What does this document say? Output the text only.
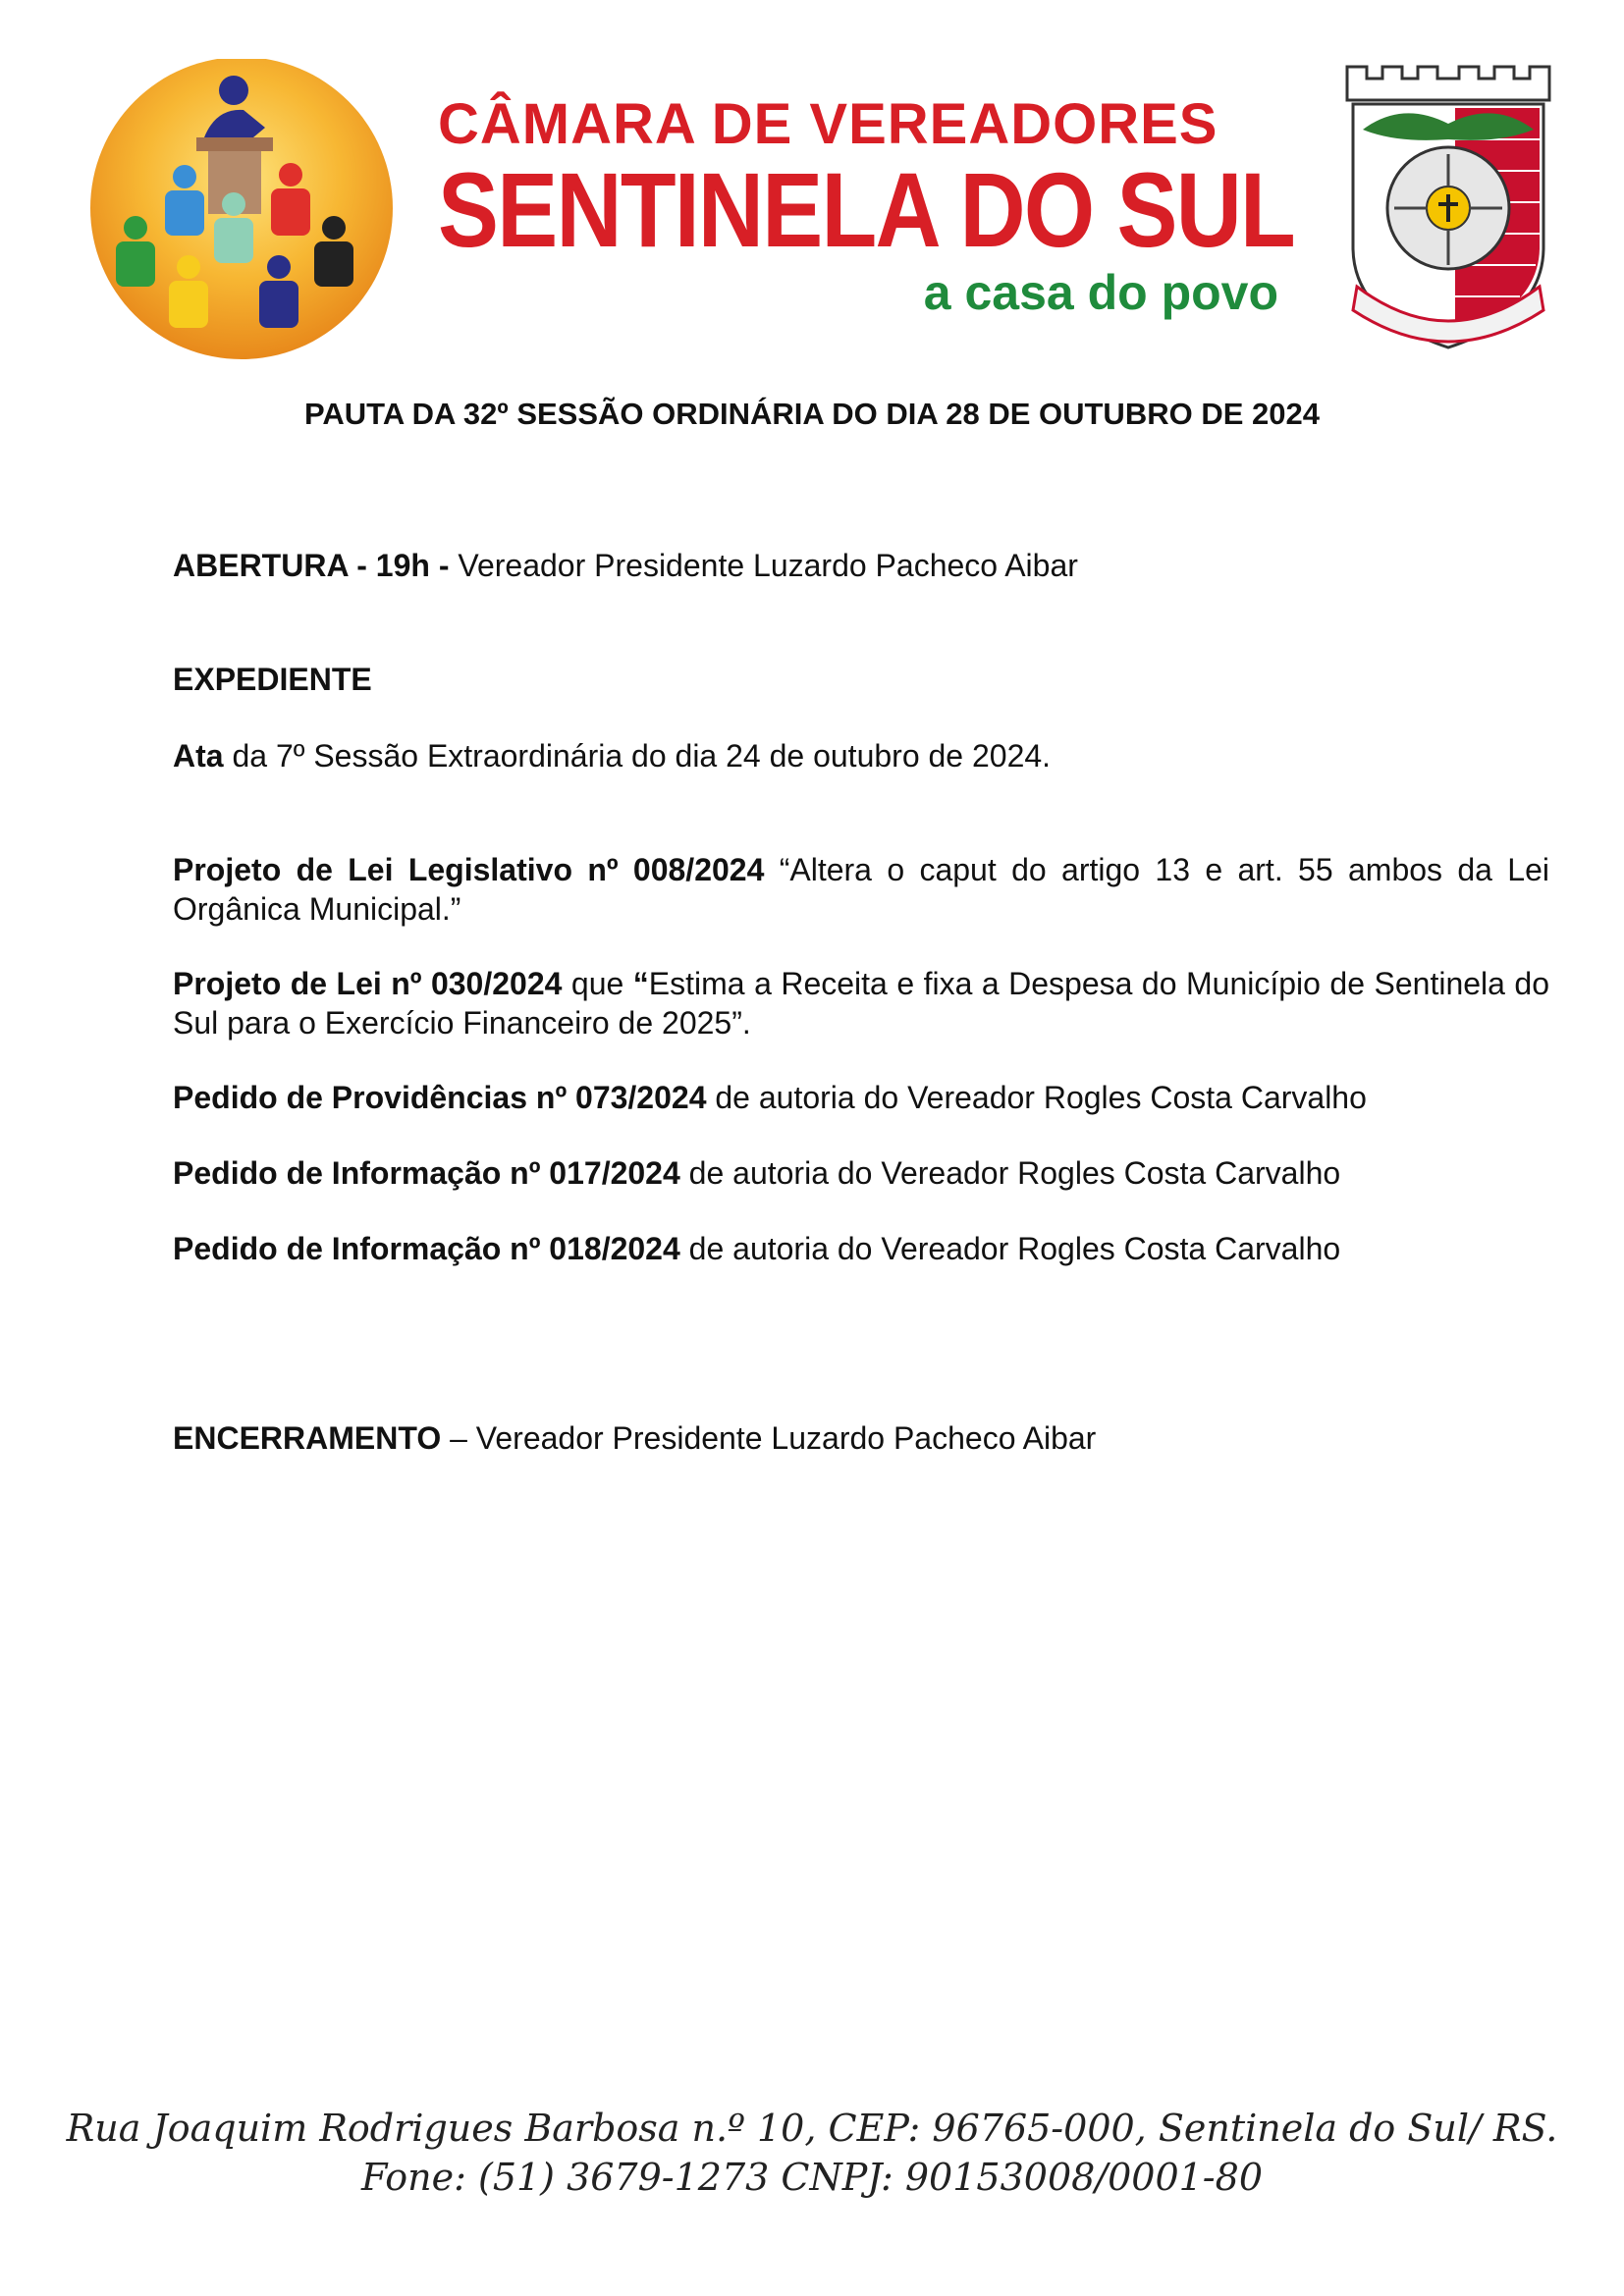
CÂMARA DE VEREADORES
SENTINELA DO SUL
a casa do povo
PAUTA DA 32º SESSÃO ORDINÁRIA DO DIA 28 DE OUTUBRO DE 2024
ABERTURA - 19h - Vereador Presidente Luzardo Pacheco Aibar
EXPEDIENTE
Ata da 7º Sessão Extraordinária do dia 24 de outubro de 2024.
Projeto de Lei Legislativo nº 008/2024 “Altera o caput do artigo 13 e art. 55 ambos da Lei Orgânica Municipal.”
Projeto de Lei nº 030/2024 que “Estima a Receita e fixa a Despesa do Município de Sentinela do Sul para o Exercício Financeiro de 2025”.
Pedido de Providências nº 073/2024 de autoria do Vereador Rogles Costa Carvalho
Pedido de Informação nº 017/2024 de autoria do Vereador Rogles Costa Carvalho
Pedido de Informação nº 018/2024 de autoria do Vereador Rogles Costa Carvalho
ENCERRAMENTO – Vereador Presidente Luzardo Pacheco Aibar
Rua Joaquim Rodrigues Barbosa n.º 10, CEP: 96765-000, Sentinela do Sul/ RS.
Fone: (51) 3679-1273 CNPJ: 90153008/0001-80
